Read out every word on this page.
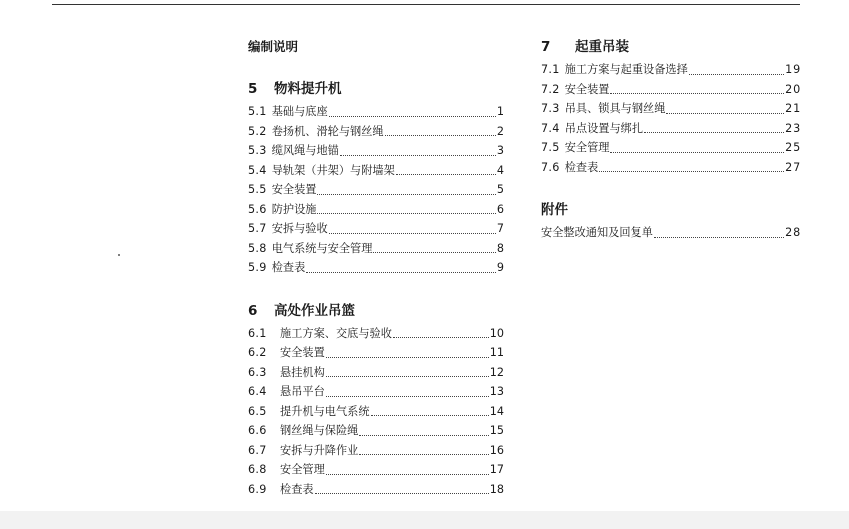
编制说明
5 物料提升机
5.1 基础与底座	1
5.2 卷扬机、滑轮与钢丝绳	2
5.3 缆风绳与地锚	3
5.4 导轨架（井架）与附墙架	4
5.5 安全装置	5
5.6 防护设施	6
5.7 安拆与验收	7
5.8 电气系统与安全管理	8
5.9 检查表	9
6 高处作业吊篮
6.1	施工方案、交底与验收	10
6.2	安全装置	11
6.3	悬挂机构	12
6.4	悬吊平台	13
6.5	提升机与电气系统	14
6.6	钢丝绳与保险绳	15
6.7	安拆与升降作业	16
6.8	安全管理	17
6.9	检查表	18
7 起重吊装
7.1 施工方案与起重设备选择	19
7.2 安全装置	20
7.3 吊具、锁具与钢丝绳	21
7.4 吊点设置与绑扎	23
7.5 安全管理	25
7.6 检查表	27
附件
安全整改通知及回复单	28
